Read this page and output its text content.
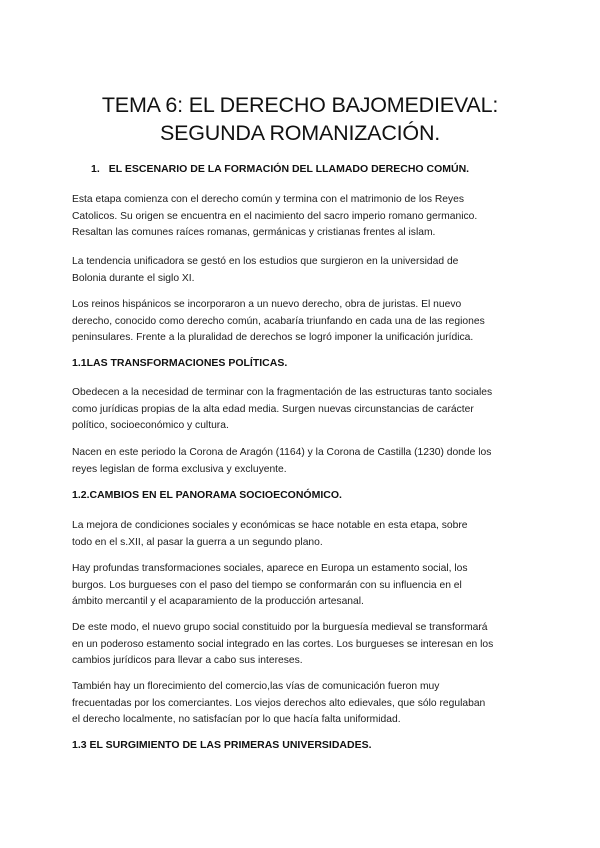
TEMA 6: EL DERECHO BAJOMEDIEVAL:
SEGUNDA ROMANIZACIÓN.
1. EL ESCENARIO DE LA FORMACIÓN DEL LLAMADO DERECHO COMÚN.
Esta etapa comienza con el derecho común y termina con el matrimonio de los Reyes
Catolicos. Su origen se encuentra en el nacimiento del sacro imperio romano germanico.
Resaltan las comunes raíces romanas, germánicas y cristianas frentes al islam.
La tendencia unificadora se gestó en los estudios que surgieron en la universidad de
Bolonia durante el siglo XI.
Los reinos hispánicos se incorporaron a un nuevo derecho, obra de juristas. El nuevo
derecho, conocido como derecho común, acabaría triunfando en cada una de las regiones
peninsulares. Frente a la pluralidad de derechos se logró imponer la unificación jurídica.
1.1LAS TRANSFORMACIONES POLÍTICAS.
Obedecen a la necesidad de terminar con la fragmentación de las estructuras tanto sociales
como jurídicas propias de la alta edad media. Surgen nuevas circunstancias de carácter
político, socioeconómico y cultura.
Nacen en este periodo la Corona de Aragón (1164) y la Corona de Castilla (1230) donde los
reyes legislan de forma exclusiva y excluyente.
1.2.CAMBIOS EN EL PANORAMA SOCIOECONÓMICO.
La mejora de condiciones sociales y económicas se hace notable en esta etapa, sobre
todo en el s.XII, al pasar la guerra a un segundo plano.
Hay profundas transformaciones sociales, aparece en Europa un estamento social, los
burgos. Los burgueses con el paso del tiempo se conformarán con su influencia en el
ámbito mercantil y el acaparamiento de la producción artesanal.
De este modo, el nuevo grupo social constituido por la burguesía medieval se transformará
en un poderoso estamento social integrado en las cortes. Los burgueses se interesan en los
cambios jurídicos para llevar a cabo sus intereses.
También hay un florecimiento del comercio,las vías de comunicación fueron muy
frecuentadas por los comerciantes. Los viejos derechos alto edievales, que sólo regulaban
el derecho localmente, no satisfacían por lo que hacía falta uniformidad.
1.3 EL SURGIMIENTO DE LAS PRIMERAS UNIVERSIDADES.
